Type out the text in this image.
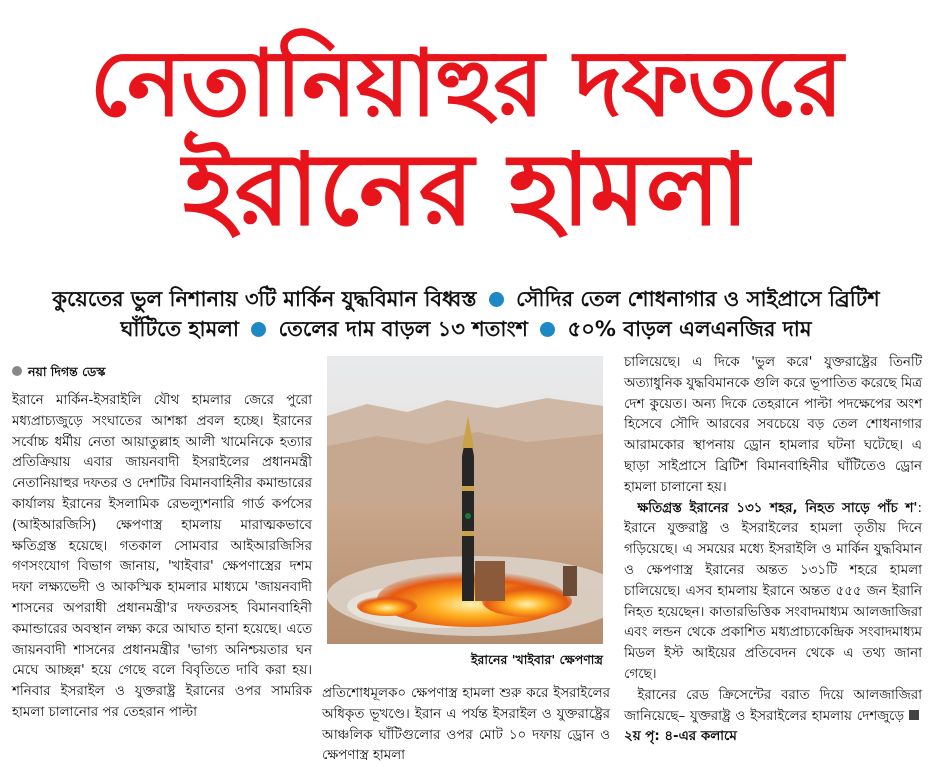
নেতানিয়াহুর দফতরে
ইরানের হামলা
কুয়েতের ভুল নিশানায় ৩টি মার্কিন যুদ্ধবিমান বিধ্বস্ত সৌদির তেল শোধনাগার ও সাইপ্রাসে ব্রিটিশ
ঘাঁটিতে হামলা তেলের দাম বাড়ল ১৩ শতাংশ ৫০% বাড়ল এলএনজির দাম
নয়া দিগন্ত ডেস্ক

ইরানে মার্কিন-ইসরাইলি যৌথ হামলার জেরে পুরো মধ্যপ্রাচ্যজুড়ে সংঘাতের আশঙ্কা প্রবল হচ্ছে। ইরানের সর্বোচ্চ ধর্মীয় নেতা আয়াতুল্লাহ আলী খামেনিকে হত্যার প্রতিক্রিয়ায় এবার জায়নবাদী ইসরাইলের প্রধানমন্ত্রী নেতানিয়াহুর দফতর ও দেশটির বিমানবাহিনীর কমান্ডারের কার্যালয় ইরানের ইসলামিক রেভল্যুশনারি গার্ড কর্পসের (আইআরজিসি) ক্ষেপণাস্ত্র হামলায় মারাত্মকভাবে ক্ষতিগ্রস্ত হয়েছে। গতকাল সোমবার আইআরজিসির গণসংযোগ বিভাগ জানায়, 'খাইবার' ক্ষেপণাস্ত্রের দশম দফা লক্ষ্যভেদী ও আকস্মিক হামলার মাধ্যমে 'জায়নবাদী শাসনের অপরাধী প্রধানমন্ত্রী'র দফতরসহ বিমানবাহিনী কমান্ডারের অবস্থান লক্ষ্য করে আঘাত হানা হয়েছে। এতে জায়নবাদী শাসনের প্রধানমন্ত্রীর 'ভাগ্য অনিশ্চয়তার ঘন মেঘে আচ্ছন্ন' হয়ে গেছে বলে বিবৃতিতে দাবি করা হয়। শনিবার ইসরাইল ও যুক্তরাষ্ট্র ইরানের ওপর সামরিক হামলা চালানোর পর তেহরান পাল্টা

ইরানের 'খাইবার' ক্ষেপণাস্ত্র

প্রতিশোধমূলক০ ক্ষেপণাস্ত্র হামলা শুরু করে ইসরাইলের অধিকৃত ভূখণ্ডে। ইরান এ পর্যন্ত ইসরাইল ও যুক্তরাষ্ট্রের আঞ্চলিক ঘাঁটিগুলোর ওপর মোট ১০ দফায় ড্রোন ও ক্ষেপণাস্ত্র হামলা

চালিয়েছে। এ দিকে 'ভুল করে' যুক্তরাষ্ট্রের তিনটি অত্যাধুনিক যুদ্ধবিমানকে গুলি করে ভূপাতিত করেছে মিত্র দেশ কুয়েত। অন্য দিকে তেহরানে পাল্টা পদক্ষেপের অংশ হিসেবে সৌদি আরবের সবচেয়ে বড় তেল শোধনাগার আরামকোর স্থাপনায় ড্রোন হামলার ঘটনা ঘটেছে। এ ছাড়া সাইপ্রাসে ব্রিটিশ বিমানবাহিনীর ঘাঁটিতেও ড্রোন হামলা চালানো হয়।

 ক্ষতিগ্রস্ত ইরানের ১৩১ শহর, নিহত সাড়ে পাঁচ শ': ইরানে যুক্তরাষ্ট্র ও ইসরাইলের হামলা তৃতীয় দিনে গড়িয়েছে। এ সময়ের মধ্যে ইসরাইলি ও মার্কিন যুদ্ধবিমান ও ক্ষেপণাস্ত্র ইরানের অন্তত ১৩১টি শহরে হামলা চালিয়েছে। এসব হামলায় ইরানে অন্তত ৫৫৫ জন ইরানি নিহত হয়েছেন। কাতারভিত্তিক সংবাদমাধ্যম আলজাজিরা এবং লন্ডন থেকে প্রকাশিত মধ্যপ্রাচ্যকেন্দ্রিক সংবাদমাধ্যম মিডল ইস্ট আইয়ের প্রতিবেদন থেকে এ তথ্য জানা গেছে।

 ইরানের রেড ক্রিসেন্টের বরাত দিয়ে আলজাজিরা জানিয়েছে– যুক্তরাষ্ট্র ও ইসরাইলের হামলায় দেশজুড়ে ২য় পৃ: ৪-এর কলামে
